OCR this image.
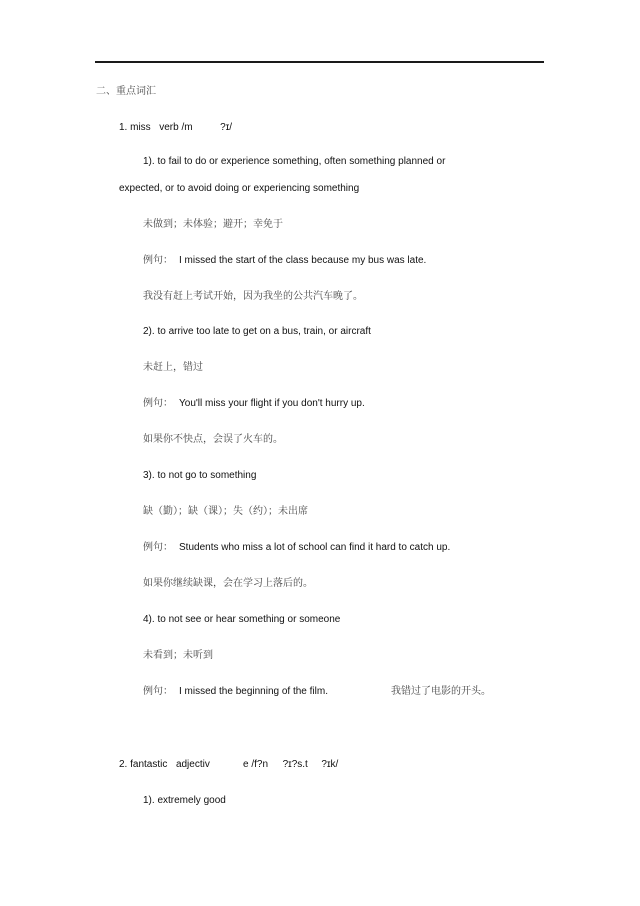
二、重点词汇
1. miss verb /m	?ɪ/
1). to fail to do or experience something, often something planned or
expected, or to avoid doing or experiencing something
未做到；未体验；避开；幸免于
例句： I missed the start of the class because my bus was late.
我没有赶上考试开始，因为我坐的公共汽车晚了。
2). to arrive too late to get on a bus, train, or aircraft
未赶上，错过
例句： You'll miss your flight if you don't hurry up.
如果你不快点，会误了火车的。
3). to not go to something
缺（勤）；缺（课）；失（约）；未出席
例句： Students who miss a lot of school can find it hard to catch up.
如果你继续缺课，会在学习上落后的。
4). to not see or hear something or someone
未看到；未听到
例句： I missed the beginning of the film.	我错过了电影的开头。
2. fantastic adjectiv	e /f?n ?ɪ?s.t ?ɪk/
1). extremely good
